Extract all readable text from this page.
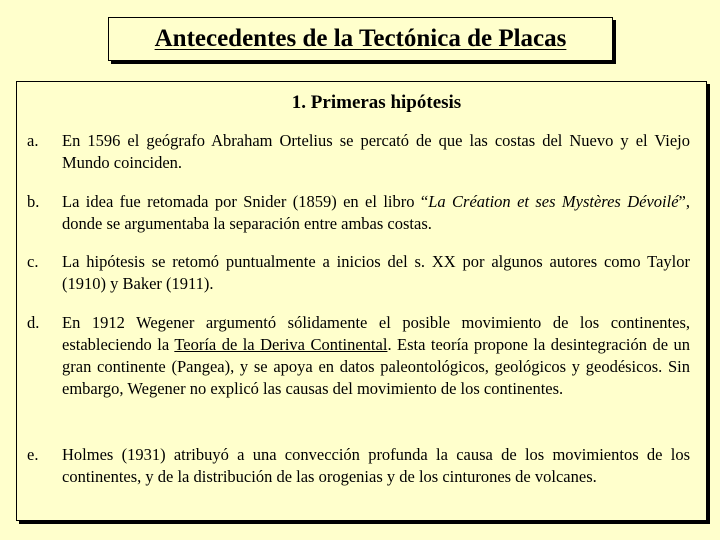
Antecedentes de la Tectónica de Placas
1. Primeras hipótesis
a. En 1596 el geógrafo Abraham Ortelius se percató de que las costas del Nuevo y el Viejo Mundo coinciden.
b. La idea fue retomada por Snider (1859) en el libro “La Création et ses Mystères Dévoilé”, donde se argumentaba la separación entre ambas costas.
c. La hipótesis se retomó puntualmente a inicios del s. XX por algunos autores como Taylor (1910) y Baker (1911).
d. En 1912 Wegener argumentó sólidamente el posible movimiento de los continentes, estableciendo la Teoría de la Deriva Continental. Esta teoría propone la desintegración de un gran continente (Pangea), y se apoya en datos paleontológicos, geológicos y geodésicos. Sin embargo, Wegener no explicó las causas del movimiento de los continentes.
e. Holmes (1931) atribuyó a una convección profunda la causa de los movimientos de los continentes, y de la distribución de las orogenias y de los cinturones de volcanes.
